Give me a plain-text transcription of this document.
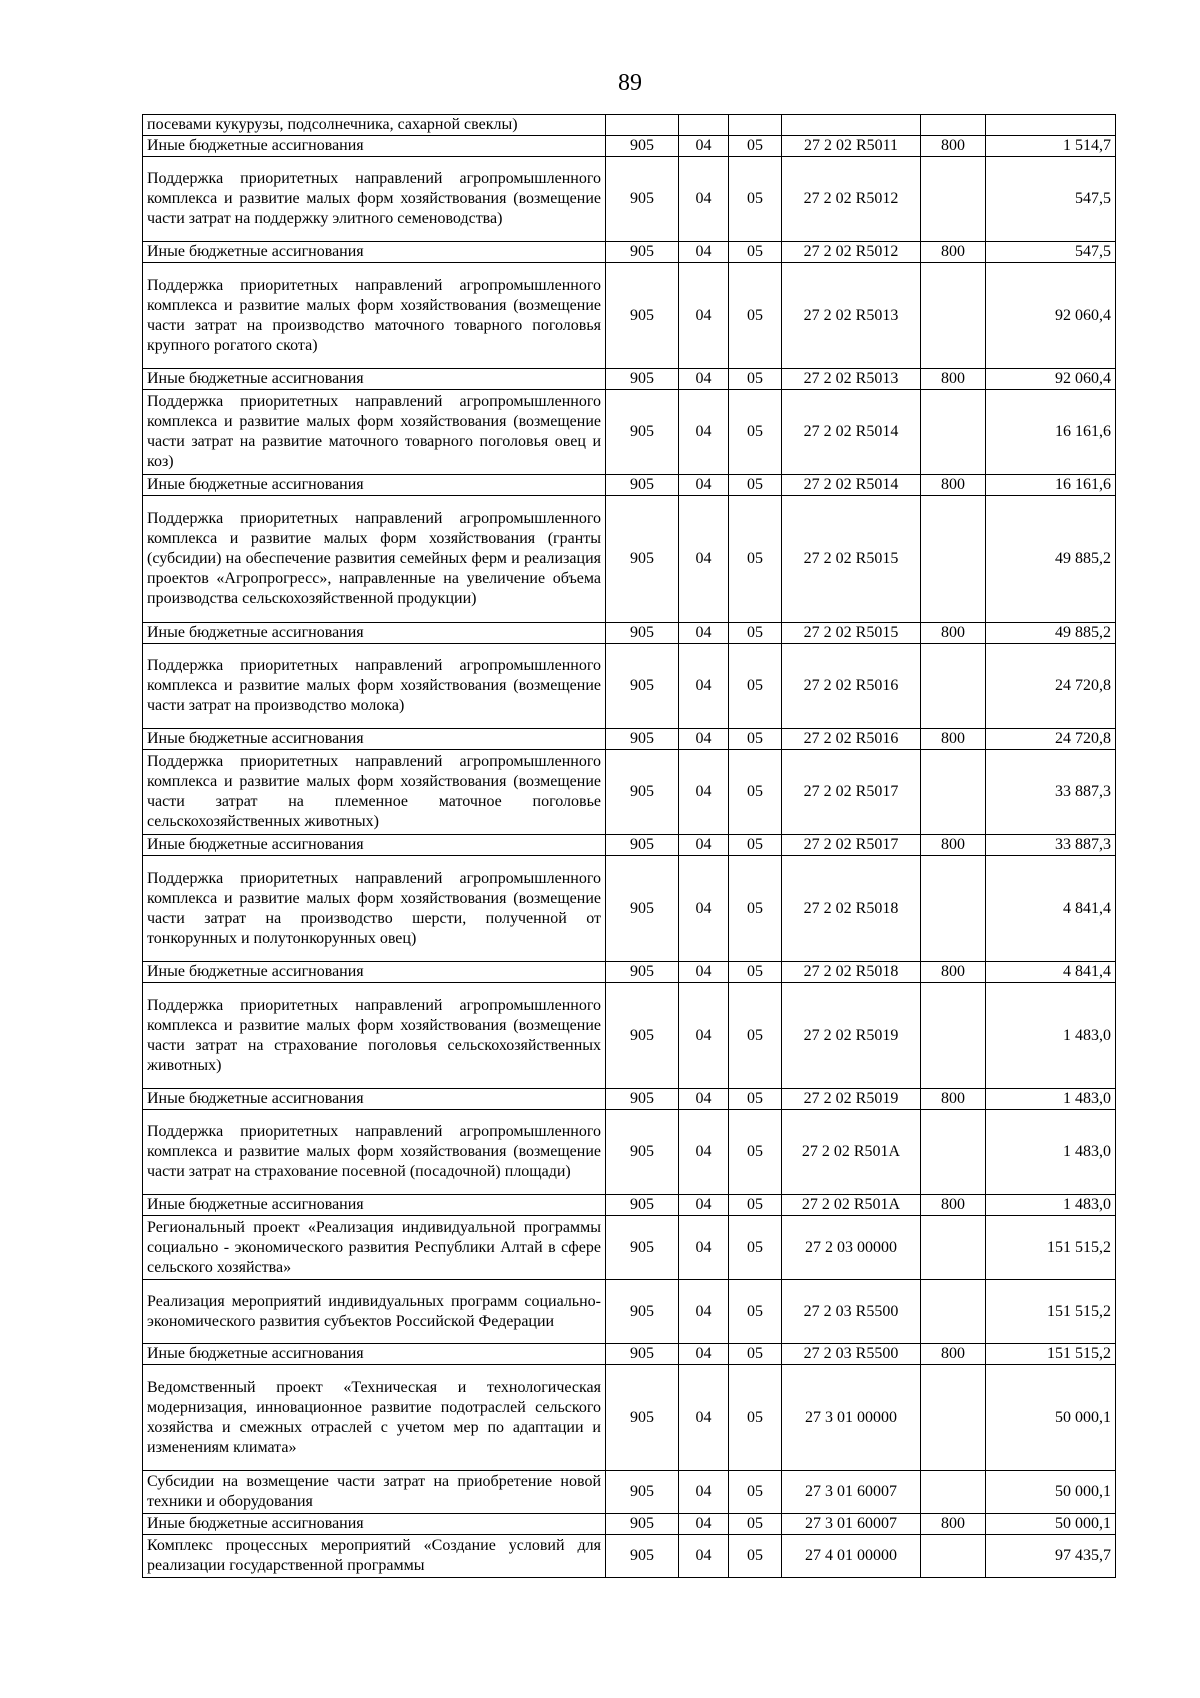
89
посевами кукурузы, подсолнечника, сахарной свеклы)						
Иные бюджетные ассигнования	905	04	05	27 2 02 R5011	800	1 514,7
Поддержка приоритетных направлений агропромышленного комплекса и развитие малых форм хозяйствования (возмещение части затрат на поддержку элитного семеноводства)	905	04	05	27 2 02 R5012		547,5
Иные бюджетные ассигнования	905	04	05	27 2 02 R5012	800	547,5
Поддержка приоритетных направлений агропромышленного комплекса и развитие малых форм хозяйствования (возмещение части затрат на производство маточного товарного поголовья крупного рогатого скота)	905	04	05	27 2 02 R5013		92 060,4
Иные бюджетные ассигнования	905	04	05	27 2 02 R5013	800	92 060,4
Поддержка приоритетных направлений агропромышленного комплекса и развитие малых форм хозяйствования (возмещение части затрат на развитие маточного товарного поголовья овец и коз)	905	04	05	27 2 02 R5014		16 161,6
Иные бюджетные ассигнования	905	04	05	27 2 02 R5014	800	16 161,6
Поддержка приоритетных направлений агропромышленного комплекса и развитие малых форм хозяйствования (гранты (субсидии) на обеспечение развития семейных ферм и реализация проектов «Агропрогресс», направленные на увеличение объема производства сельскохозяйственной продукции)	905	04	05	27 2 02 R5015		49 885,2
Иные бюджетные ассигнования	905	04	05	27 2 02 R5015	800	49 885,2
Поддержка приоритетных направлений агропромышленного комплекса и развитие малых форм хозяйствования (возмещение части затрат на производство молока)	905	04	05	27 2 02 R5016		24 720,8
Иные бюджетные ассигнования	905	04	05	27 2 02 R5016	800	24 720,8
Поддержка приоритетных направлений агропромышленного комплекса и развитие малых форм хозяйствования (возмещение части затрат на племенное маточное поголовье сельскохозяйственных животных)	905	04	05	27 2 02 R5017		33 887,3
Иные бюджетные ассигнования	905	04	05	27 2 02 R5017	800	33 887,3
Поддержка приоритетных направлений агропромышленного комплекса и развитие малых форм хозяйствования (возмещение части затрат на производство шерсти, полученной от тонкорунных и полутонкорунных овец)	905	04	05	27 2 02 R5018		4 841,4
Иные бюджетные ассигнования	905	04	05	27 2 02 R5018	800	4 841,4
Поддержка приоритетных направлений агропромышленного комплекса и развитие малых форм хозяйствования (возмещение части затрат на страхование поголовья сельскохозяйственных животных)	905	04	05	27 2 02 R5019		1 483,0
Иные бюджетные ассигнования	905	04	05	27 2 02 R5019	800	1 483,0
Поддержка приоритетных направлений агропромышленного комплекса и развитие малых форм хозяйствования (возмещение части затрат на страхование посевной (посадочной) площади)	905	04	05	27 2 02 R501A		1 483,0
Иные бюджетные ассигнования	905	04	05	27 2 02 R501A	800	1 483,0
Региональный проект «Реализация индивидуальной программы социально - экономического развития Республики Алтай в сфере сельского хозяйства»	905	04	05	27 2 03 00000		151 515,2
Реализация мероприятий индивидуальных программ социально-экономического развития субъектов Российской Федерации	905	04	05	27 2 03 R5500		151 515,2
Иные бюджетные ассигнования	905	04	05	27 2 03 R5500	800	151 515,2
Ведомственный проект «Техническая и технологическая модернизация, инновационное развитие подотраслей сельского хозяйства и смежных отраслей с учетом мер по адаптации и изменениям климата»	905	04	05	27 3 01 00000		50 000,1
Субсидии на возмещение части затрат на приобретение новой техники и оборудования	905	04	05	27 3 01 60007		50 000,1
Иные бюджетные ассигнования	905	04	05	27 3 01 60007	800	50 000,1
Комплекс процессных мероприятий «Создание условий для реализации государственной программы	905	04	05	27 4 01 00000		97 435,7
